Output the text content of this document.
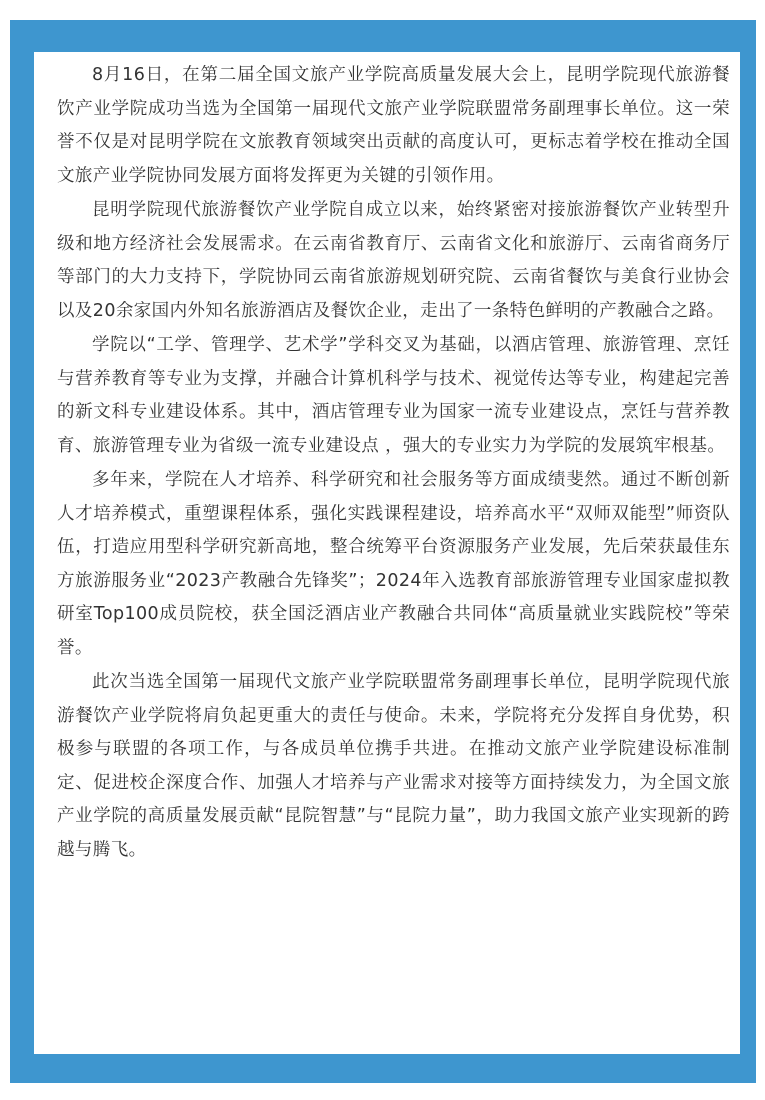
8月16日，在第二届全国文旅产业学院高质量发展大会上，昆明学院现代旅游餐饮产业学院成功当选为全国第一届现代文旅产业学院联盟常务副理事长单位。这一荣誉不仅是对昆明学院在文旅教育领域突出贡献的高度认可，更标志着学校在推动全国文旅产业学院协同发展方面将发挥更为关键的引领作用。

昆明学院现代旅游餐饮产业学院自成立以来，始终紧密对接旅游餐饮产业转型升级和地方经济社会发展需求。在云南省教育厅、云南省文化和旅游厅、云南省商务厅等部门的大力支持下，学院协同云南省旅游规划研究院、云南省餐饮与美食行业协会以及20余家国内外知名旅游酒店及餐饮企业，走出了一条特色鲜明的产教融合之路。

学院以“工学、管理学、艺术学”学科交叉为基础，以酒店管理、旅游管理、烹饪与营养教育等专业为支撑，并融合计算机科学与技术、视觉传达等专业，构建起完善的新文科专业建设体系。其中，酒店管理专业为国家一流专业建设点，烹饪与营养教育、旅游管理专业为省级一流专业建设点 ，强大的专业实力为学院的发展筑牢根基。

多年来，学院在人才培养、科学研究和社会服务等方面成绩斐然。通过不断创新人才培养模式，重塑课程体系，强化实践课程建设，培养高水平“双师双能型”师资队伍，打造应用型科学研究新高地，整合统筹平台资源服务产业发展，先后荣获最佳东方旅游服务业“2023产教融合先锋奖”；2024年入选教育部旅游管理专业国家虚拟教研室Top100成员院校，获全国泛酒店业产教融合共同体“高质量就业实践院校”等荣誉。

此次当选全国第一届现代文旅产业学院联盟常务副理事长单位，昆明学院现代旅游餐饮产业学院将肩负起更重大的责任与使命。未来，学院将充分发挥自身优势，积极参与联盟的各项工作，与各成员单位携手共进。在推动文旅产业学院建设标准制定、促进校企深度合作、加强人才培养与产业需求对接等方面持续发力，为全国文旅产业学院的高质量发展贡献“昆院智慧”与“昆院力量”，助力我国文旅产业实现新的跨越与腾飞。
